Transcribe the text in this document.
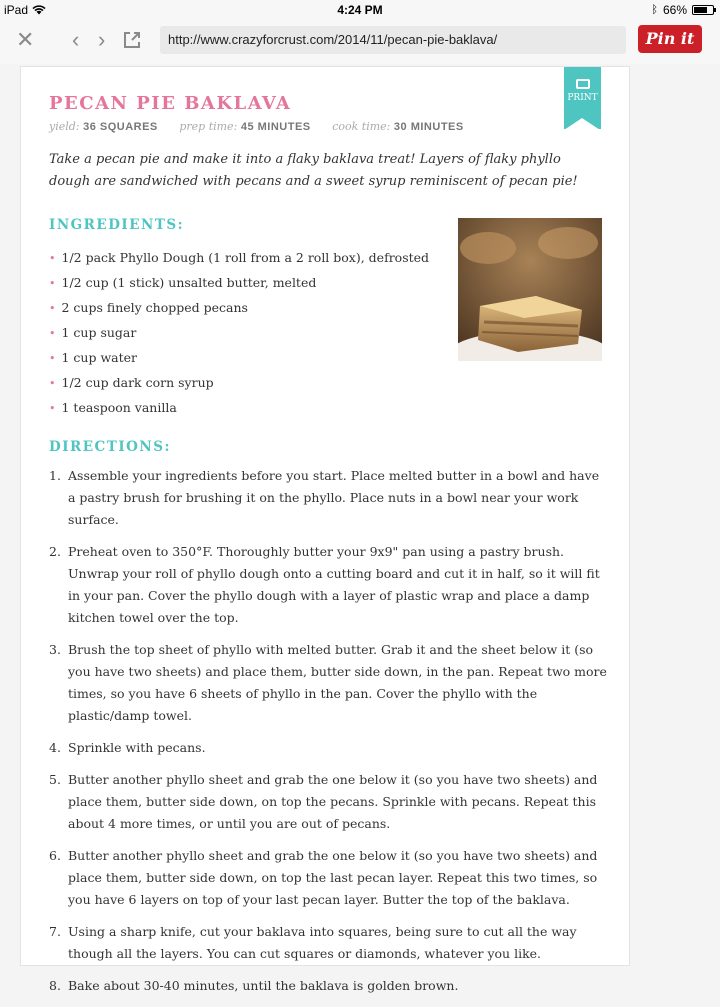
iPad	4:24 PM	ᛒ 66%
✕ ‹ ›	http://www.crazyforcrust.com/2014/11/pecan-pie-baklava/	Pin it
PECAN PIE BAKLAVA
yield: 36 SQUARES prep time: 45 MINUTES cook time: 30 MINUTES
PRINT
Take a pecan pie and make it into a flaky baklava treat! Layers of flaky phyllo dough are sandwiched with pecans and a sweet syrup reminiscent of pecan pie!
INGREDIENTS:
• 1/2 pack Phyllo Dough (1 roll from a 2 roll box), defrosted
• 1/2 cup (1 stick) unsalted butter, melted
• 2 cups finely chopped pecans
• 1 cup sugar
• 1 cup water
• 1/2 cup dark corn syrup
• 1 teaspoon vanilla
DIRECTIONS:
1. Assemble your ingredients before you start. Place melted butter in a bowl and have a pastry brush for brushing it on the phyllo. Place nuts in a bowl near your work surface.
2. Preheat oven to 350°F. Thoroughly butter your 9x9" pan using a pastry brush. Unwrap your roll of phyllo dough onto a cutting board and cut it in half, so it will fit in your pan. Cover the phyllo dough with a layer of plastic wrap and place a damp kitchen towel over the top.
3. Brush the top sheet of phyllo with melted butter. Grab it and the sheet below it (so you have two sheets) and place them, butter side down, in the pan. Repeat two more times, so you have 6 sheets of phyllo in the pan. Cover the phyllo with the plastic/damp towel.
4. Sprinkle with pecans.
5. Butter another phyllo sheet and grab the one below it (so you have two sheets) and place them, butter side down, on top the pecans. Sprinkle with pecans. Repeat this about 4 more times, or until you are out of pecans.
6. Butter another phyllo sheet and grab the one below it (so you have two sheets) and place them, butter side down, on top the last pecan layer. Repeat this two times, so you have 6 layers on top of your last pecan layer. Butter the top of the baklava.
7. Using a sharp knife, cut your baklava into squares, being sure to cut all the way though all the layers. You can cut squares or diamonds, whatever you like.
8. Bake about 30-40 minutes, until the baklava is golden brown.
